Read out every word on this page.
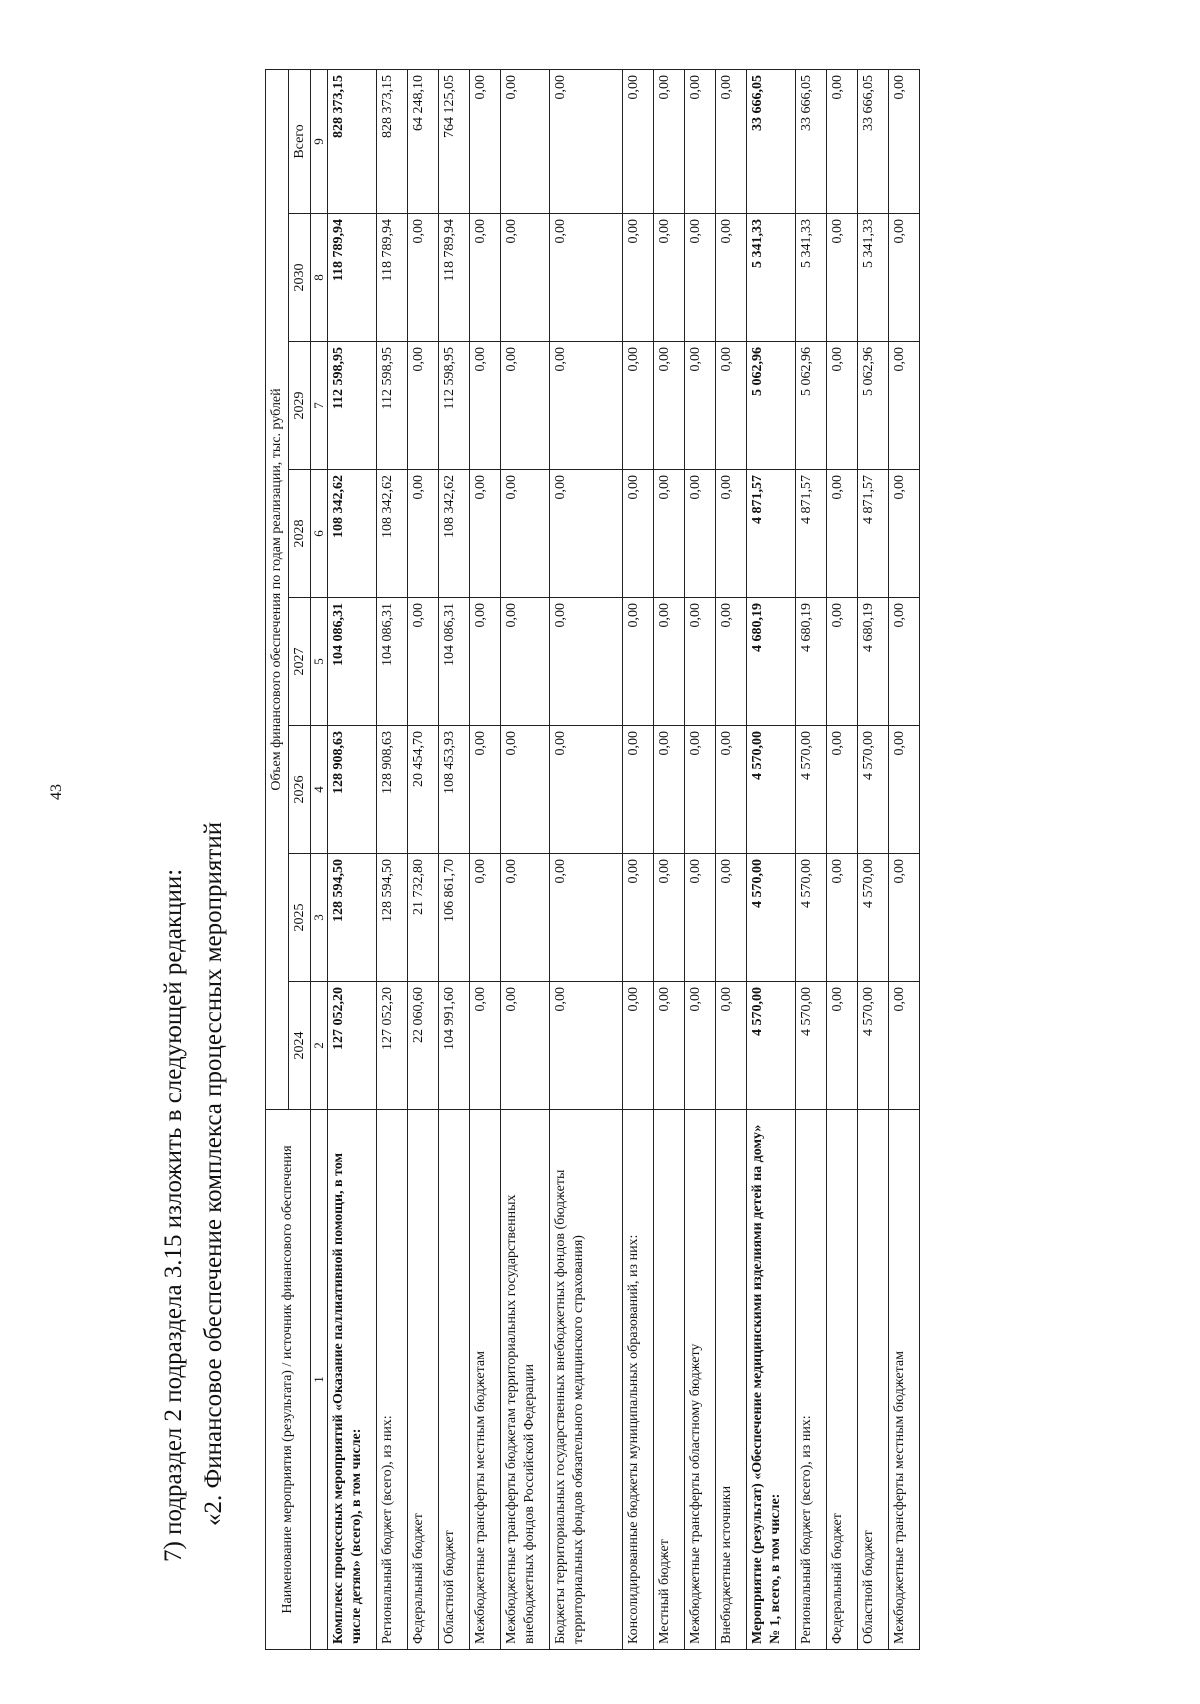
43
7) подраздел 2 подраздела 3.15 изложить в следующей редакции: «2. Финансовое обеспечение комплекса процессных мероприятий	Наименование мероприятия (результата) / источник финансового обеспечения	Объем финансового обеспечения по годам реализации, тыс. рублей							
	2024	2025	2026	2027	2028	2029	2030	Всего
1	2	3	4	5	6	7	8	9
Комплекс процессных мероприятий «Оказание паллиативной помощи, в том числе детям» (всего), в том числе:	127 052,20	128 594,50	128 908,63	104 086,31	108 342,62	112 598,95	118 789,94	828 373,15
Региональный бюджет (всего), из них:	127 052,20	128 594,50	128 908,63	104 086,31	108 342,62	112 598,95	118 789,94	828 373,15
Федеральный бюджет	22 060,60	21 732,80	20 454,70	0,00	0,00	0,00	0,00	64 248,10
Областной бюджет	104 991,60	106 861,70	108 453,93	104 086,31	108 342,62	112 598,95	118 789,94	764 125,05
Межбюджетные трансферты местным бюджетам	0,00	0,00	0,00	0,00	0,00	0,00	0,00	0,00
Межбюджетные трансферты бюджетам территориальных государственных внебюджетных фондов Российской Федерации	0,00	0,00	0,00	0,00	0,00	0,00	0,00	0,00
Бюджеты территориальных государственных внебюджетных фондов (бюджеты территориальных фондов обязательного медицинского страхования)	0,00	0,00	0,00	0,00	0,00	0,00	0,00	0,00
Консолидированные бюджеты муниципальных образований, из них:	0,00	0,00	0,00	0,00	0,00	0,00	0,00	0,00
Местный бюджет	0,00	0,00	0,00	0,00	0,00	0,00	0,00	0,00
Межбюджетные трансферты областному бюджету	0,00	0,00	0,00	0,00	0,00	0,00	0,00	0,00
Внебюджетные источники	0,00	0,00	0,00	0,00	0,00	0,00	0,00	0,00
Мероприятие (результат) «Обеспечение медицинскими изделиями детей на дому» № 1, всего, в том числе:	4 570,00	4 570,00	4 570,00	4 680,19	4 871,57	5 062,96	5 341,33	33 666,05
Региональный бюджет (всего), из них:	4 570,00	4 570,00	4 570,00	4 680,19	4 871,57	5 062,96	5 341,33	33 666,05
Федеральный бюджет	0,00	0,00	0,00	0,00	0,00	0,00	0,00	0,00
Областной бюджет	4 570,00	4 570,00	4 570,00	4 680,19	4 871,57	5 062,96	5 341,33	33 666,05
Межбюджетные трансферты местным бюджетам	0,00	0,00	0,00	0,00	0,00	0,00	0,00	0,00
